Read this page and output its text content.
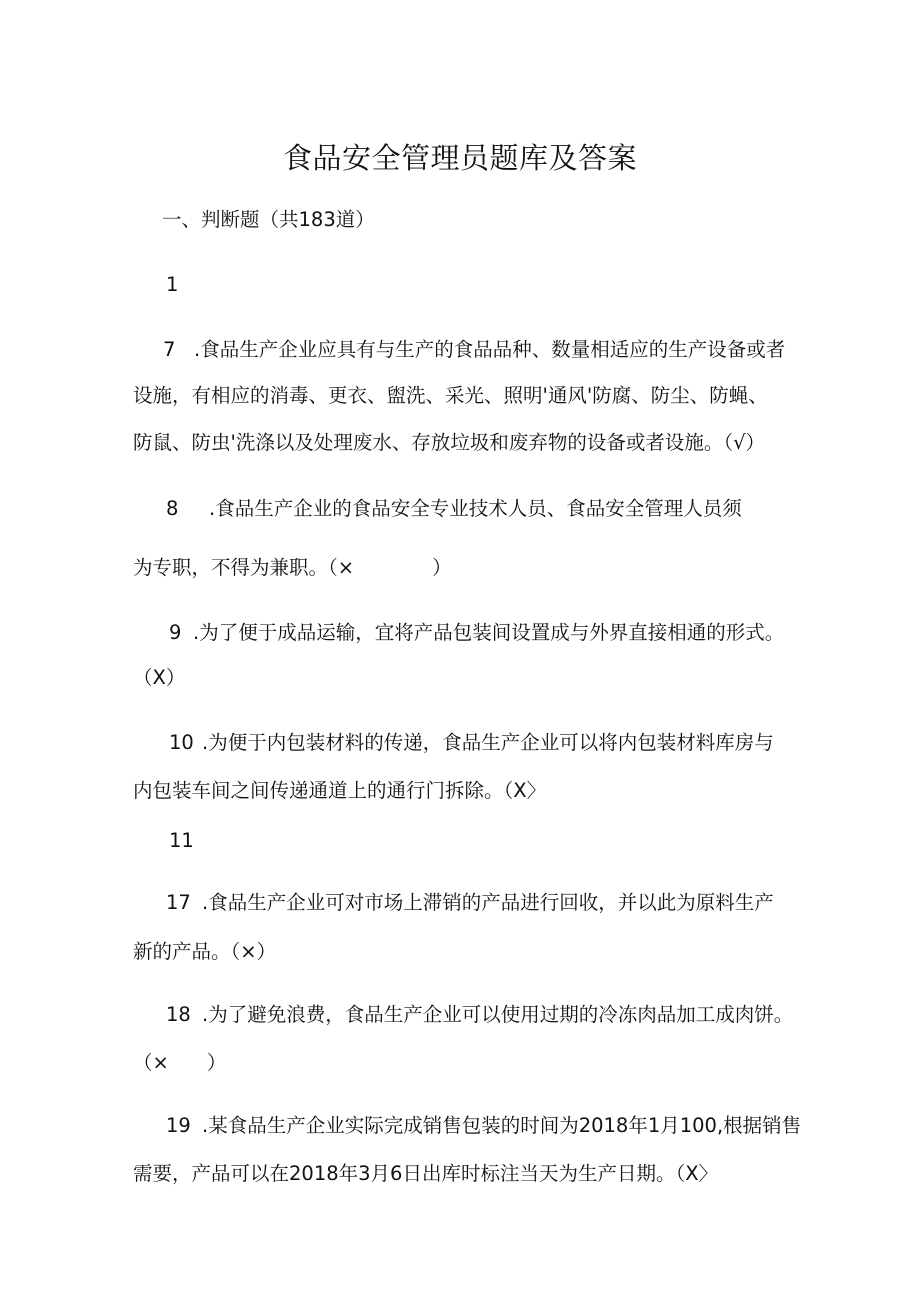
食品安全管理员题库及答案
一、判断题（共183道）
1
7 .食品生产企业应具有与生产的食品品种、数量相适应的生产设备或者
设施，有相应的消毒、更衣、盥洗、采光、照明'通风'防腐、防尘、防蝇、
防鼠、防虫'洗涤以及处理废水、存放垃圾和废弃物的设备或者设施。（√）
8 .食品生产企业的食品安全专业技术人员、食品安全管理人员须
为专职，不得为兼职。（×	）
9 .为了便于成品运输，宜将产品包装间设置成与外界直接相通的形式。
（X）
10 .为便于内包装材料的传递，食品生产企业可以将内包装材料库房与
内包装车间之间传递通道上的通行门拆除。（X〉
11
17 .食品生产企业可对市场上滞销的产品进行回收，并以此为原料生产
新的产品。（×）
18 .为了避免浪费，食品生产企业可以使用过期的冷冻肉品加工成肉饼。
（× ）
19 .某食品生产企业实际完成销售包装的时间为2018年1月100,根据销售
需要，产品可以在2018年3月6日出库时标注当天为生产日期。（X〉
